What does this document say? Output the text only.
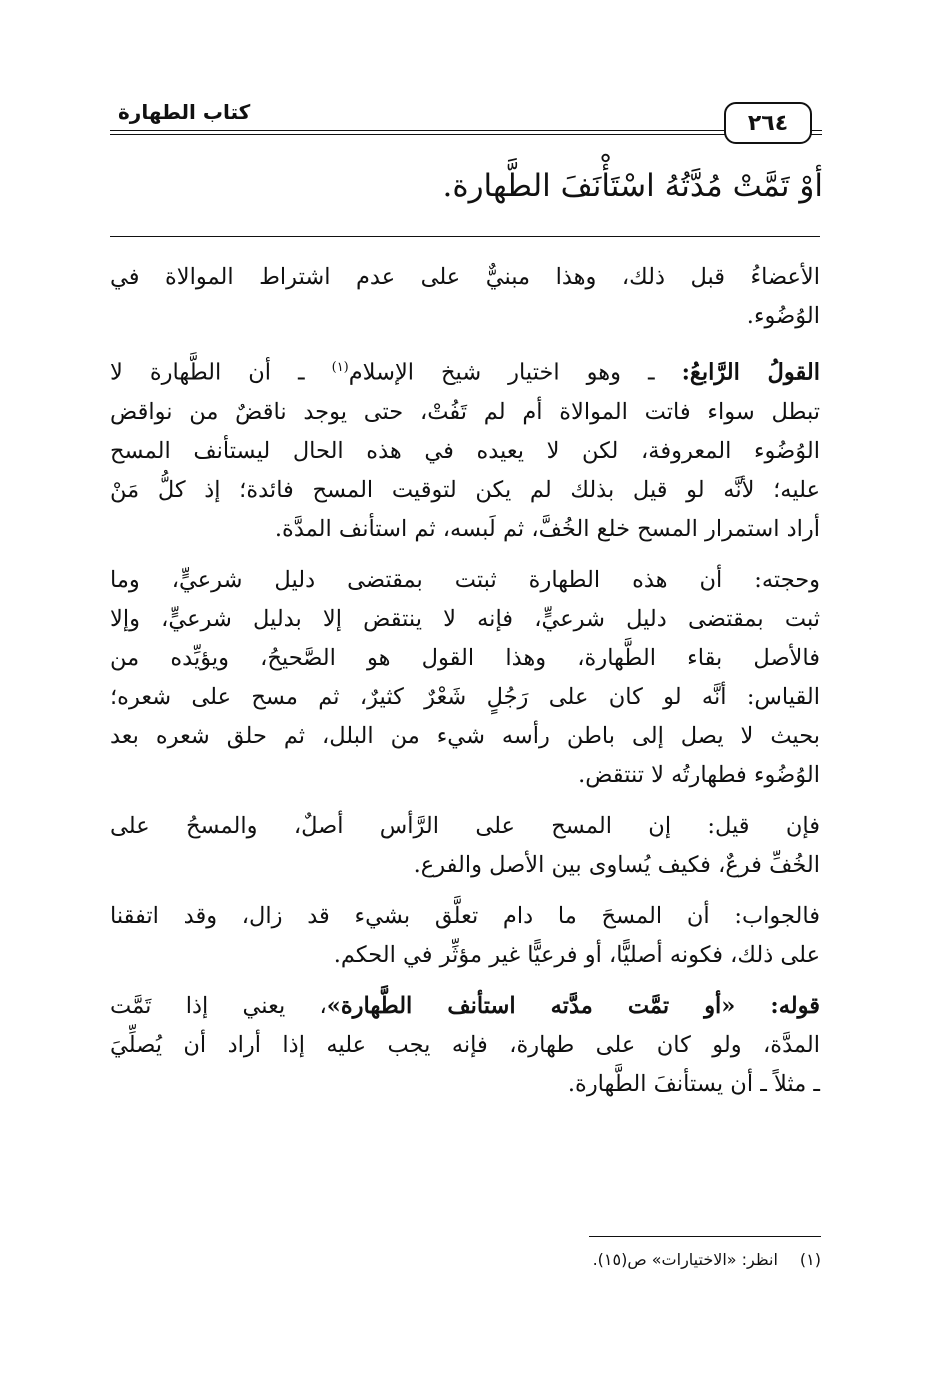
٢٦٤
كتاب الطهارة
أوْ تَمَّتْ مُدَّتُهُ اسْتَأْنَفَ الطَّهارة.

الأعضاءُ قبل ذلك، وهذا مبنيٌّ على عدم اشتراط الموالاة في
الوُضُوء.

القولُ الرَّابعُ: ـ وهو اختيار شيخ الإسلام$^{(١)}$ ـ أن الطَّهارة لا
تبطل سواء فاتت الموالاة أم لم تَفُتْ، حتى يوجد ناقضٌ من نواقض
الوُضُوء المعروفة، لكن لا يعيده في هذه الحال ليستأنف المسح
عليه؛ لأنَّه لو قيل بذلك لم يكن لتوقيت المسح فائدة؛ إذ كلُّ مَنْ
أراد استمرار المسح خلع الخُفَّ، ثم لَبسه، ثم استأنف المدَّة.

وحجته: أن هذه الطهارة ثبتت بمقتضى دليل شرعيٍّ، وما
ثبت بمقتضى دليل شرعيٍّ، فإنه لا ينتقض إلا بدليل شرعيٍّ، وإلا
فالأصل بقاء الطَّهارة، وهذا القول هو الصَّحيحُ، ويؤيِّده من
القياس: أنَّه لو كان على رَجُلٍ شَعْرٌ كثيرٌ، ثم مسح على شعره؛
بحيث لا يصل إلى باطن رأسه شيء من البلل، ثم حلق شعره بعد
الوُضُوء فطهارتُه لا تنتقض.

فإن قيل: إن المسح على الرَّأس أصلٌ، والمسحُ على
الخُفِّ فرعٌ، فكيف يُساوى بين الأصل والفرع.

فالجواب: أن المسحَ ما دام تعلَّق بشيء قد زال، وقد اتفقنا
على ذلك، فكونه أصليًّا، أو فرعيًّا غير مؤثِّر في الحكم.

قوله: «أو تمَّت مدَّته استأنف الطَّهارة»، يعني إذا تَمَّت
المدَّة، ولو كان على طهارة، فإنه يجب عليه إذا أراد أن يُصلِّيَ
ـ مثلاً ـ أن يستأنفَ الطَّهارة.

(١)انظر: «الاختيارات» ص(١٥).
